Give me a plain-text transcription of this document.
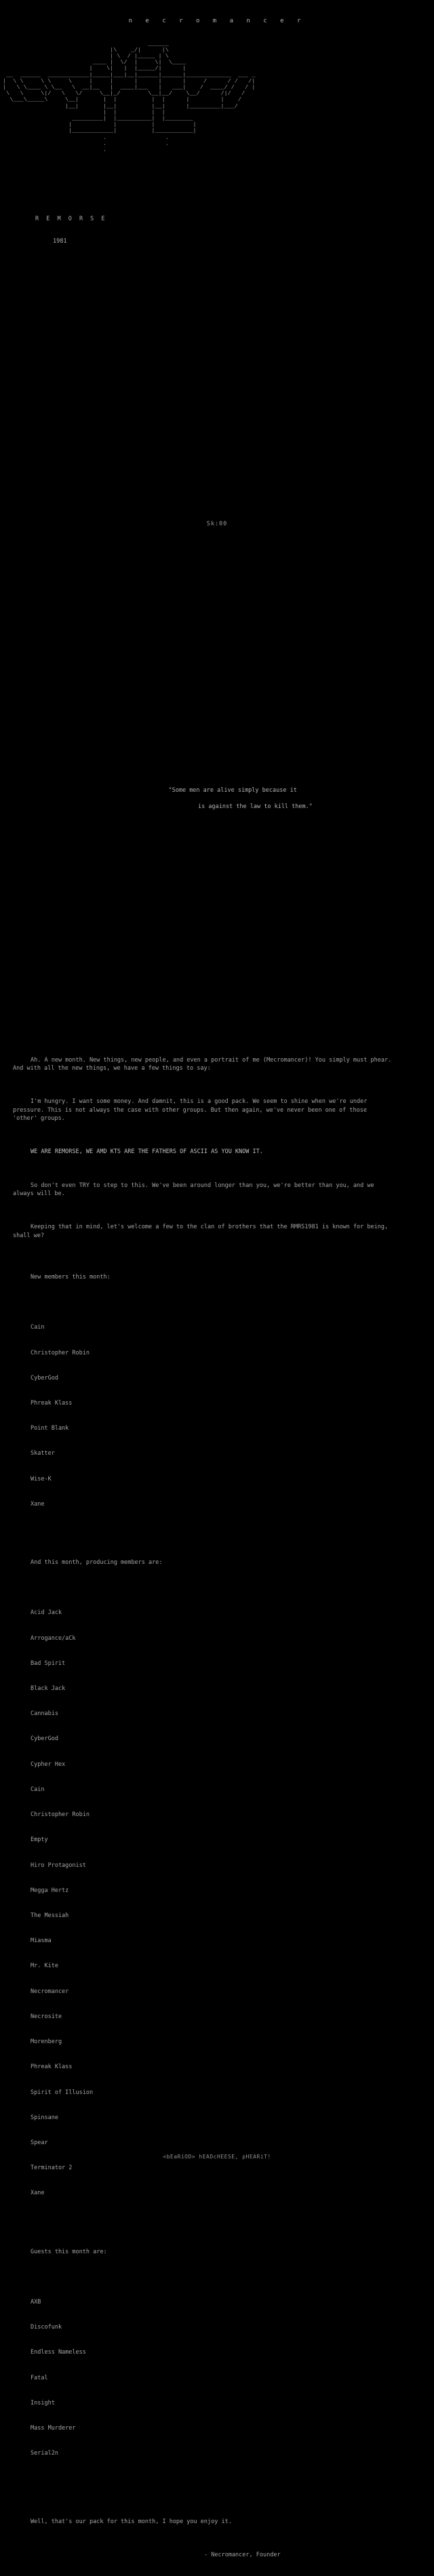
n e c r o m a n c e r
______
|\    _/|      |\
| \  / |_____ | \
____ |  \/  |     \|  \____
|    \|   |  |_____/|      |
__  ______  ____________|_____|___|__|______|______|_____________  ___ _
|  \ \     \ \     \     |     |      |      |      |     /      / /   /|
|   \ \____ \ \__   \  __|__   |  ____|___   |   ___|    /  ____/ /   / |
\   \     \|/   \   \/     \__|_/        \__|__/    \__/      /|/   /
\___\_____\     \__|       |  |          |  |      |         |    /
|__|       |__|          |__|      |_________|___/
|  |          |  |
_________|  |__________|  |________
|            |          |           |
|____________|          |___________|
.                 .
.                 .
.

R E M O R S E

1981

Sk:00

"Some men are alive simply because it

is against the law to kill them."

Ah. A new month. New things, new people, and even a portrait of me (Mecromancer)! You simply must phear. And with all the new things, we have a few things to say:

I'm hungry. I want some money. And damnit, this is a good pack. We seem to shine when we're under pressure. This is not always the case with other groups. But then again, we've never been one of those 'other' groups.

WE ARE REMORSE, WE AMD KTS ARE THE FATHERS OF ASCII AS YOU KNOW IT.

So don't even TRY to step to this. We've been around longer than you, we're better than you, and we always will be.

Keeping that in mind, let's welcome a few to the clan of brothers that the RMRS1981 is known for being, shall we?

New members this month:

Cain

Christopher Robin

CyberGod

Phreak Klass

Point Blank

Skatter

Wise-K

Xane

And this month, producing members are:

Acid Jack

Arrogance/aCk

Bad Spirit

Black Jack

Cannabis

CyberGod

Cypher Hex

Cain

Christopher Robin

Empty

Hiro Protagonist

Megga Hertz

The Messiah

Miasma

Mr. Kite

Necromancer

Necrosite

Morenberg

Phreak Klass

Spirit of Illusion

Spinsane

Spear

Terminator 2

Xane

Guests this month are:

AXB

Discofunk

Endless Nameless

Fatal

Insight

Mass Murderer

Serial2n

Well, that's our pack for this month, I hope you enjoy it.

- Necromancer, Founder

<bEaRiOD> hEADcHEESE, pHEARiT!
